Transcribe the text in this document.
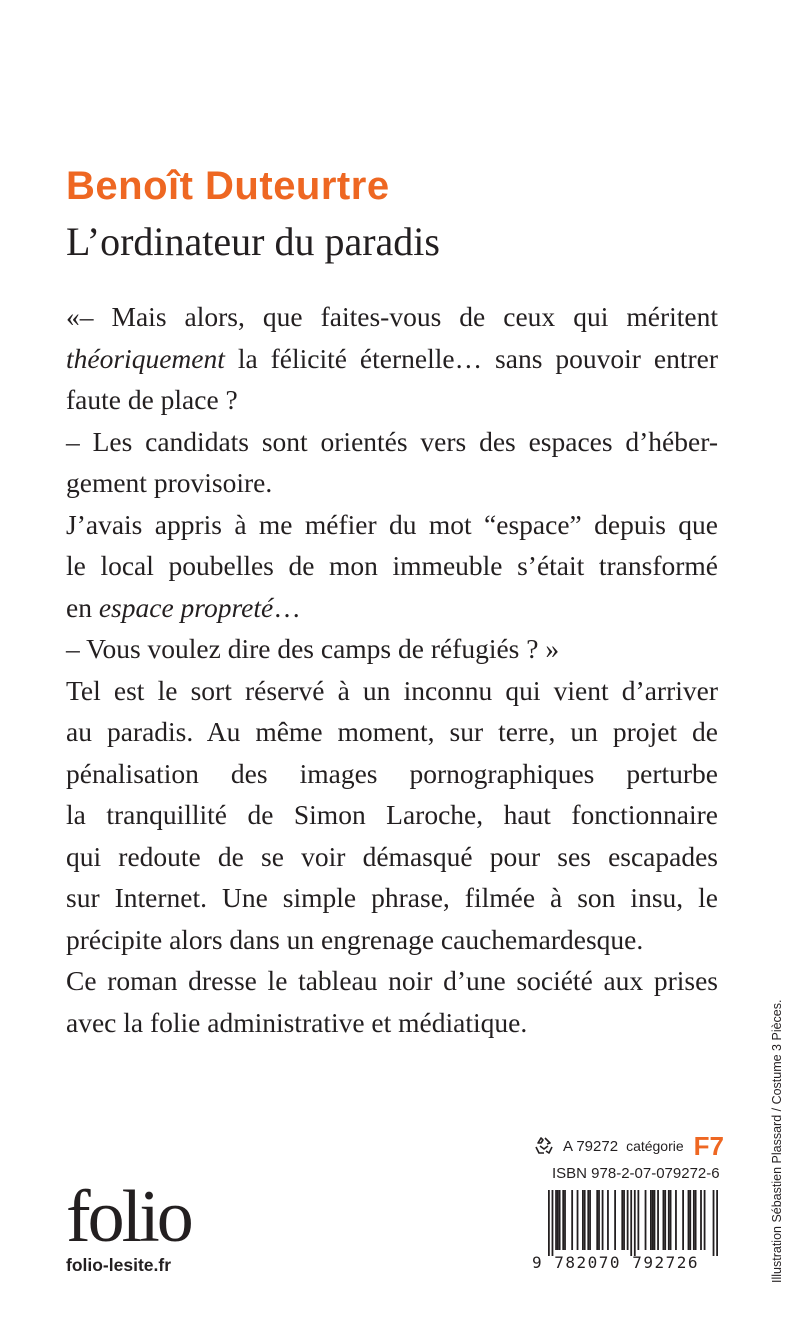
Benoît Duteurtre
L’ordinateur du paradis
«– Mais alors, que faites-vous de ceux qui méritent
théoriquement la félicité éternelle… sans pouvoir entrer
faute de place ?
– Les candidats sont orientés vers des espaces d’héber-
gement provisoire.
J’avais appris à me méfier du mot “espace” depuis que
le local poubelles de mon immeuble s’était transformé
en espace propreté…
– Vous voulez dire des camps de réfugiés ? »
Tel est le sort réservé à un inconnu qui vient d’arriver
au paradis. Au même moment, sur terre, un projet de
pénalisation des images pornographiques perturbe
la tranquillité de Simon Laroche, haut fonctionnaire
qui redoute de se voir démasqué pour ses escapades
sur Internet. Une simple phrase, filmée à son insu, le
précipite alors dans un engrenage cauchemardesque.
Ce roman dresse le tableau noir d’une société aux prises
avec la folie administrative et médiatique.	Illustration Sébastien Plassard / Costume 3 Pièces.
A 79272 catégorie F7
ISBN 978-2-07-079272-6
9 782070 792726
folio
folio-lesite.fr
